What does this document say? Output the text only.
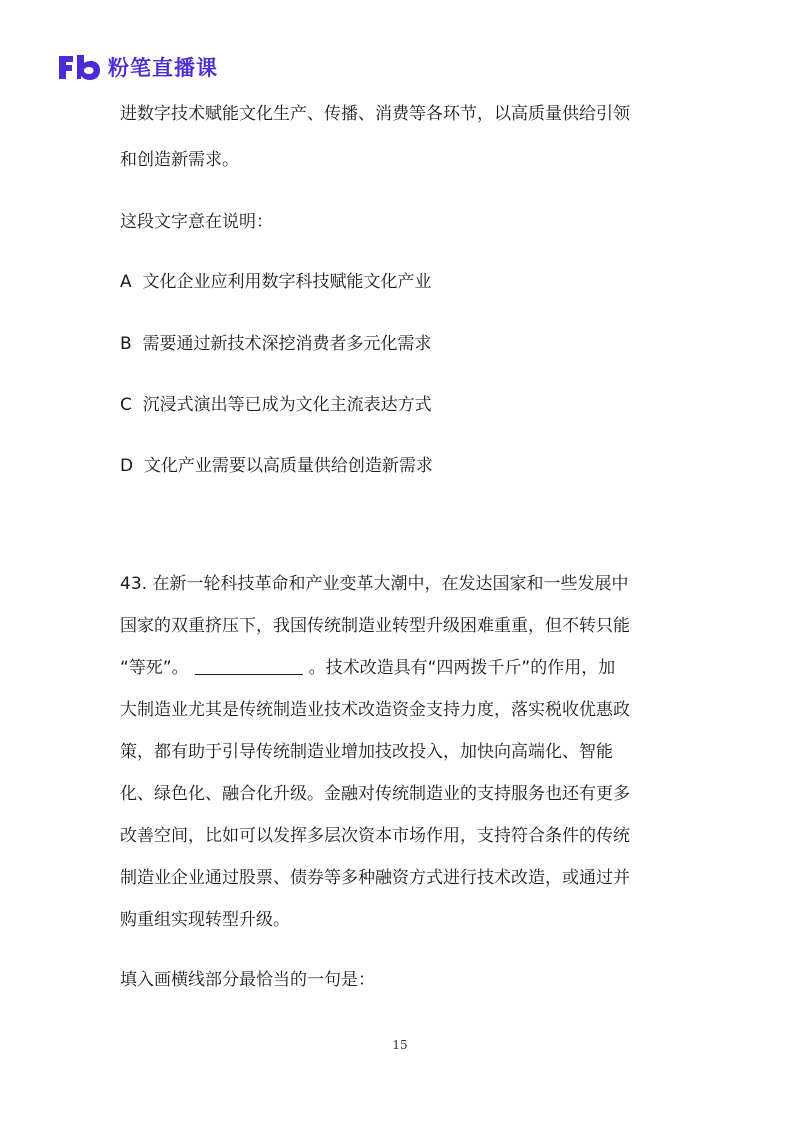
粉笔直播课
进数字技术赋能文化生产、传播、消费等各环节，以高质量供给引领
和创造新需求。
这段文字意在说明：
A 文化企业应利用数字科技赋能文化产业
B 需要通过新技术深挖消费者多元化需求
C 沉浸式演出等已成为文化主流表达方式
D 文化产业需要以高质量供给创造新需求
43. 在新一轮科技革命和产业变革大潮中，在发达国家和一些发展中
国家的双重挤压下，我国传统制造业转型升级困难重重，但不转只能
“等死”。	。技术改造具有“四两拨千斤”的作用，加
大制造业尤其是传统制造业技术改造资金支持力度，落实税收优惠政
策，都有助于引导传统制造业增加技改投入，加快向高端化、智能
化、绿色化、融合化升级。金融对传统制造业的支持服务也还有更多
改善空间，比如可以发挥多层次资本市场作用，支持符合条件的传统
制造业企业通过股票、债券等多种融资方式进行技术改造，或通过并
购重组实现转型升级。
填入画横线部分最恰当的一句是：
15
